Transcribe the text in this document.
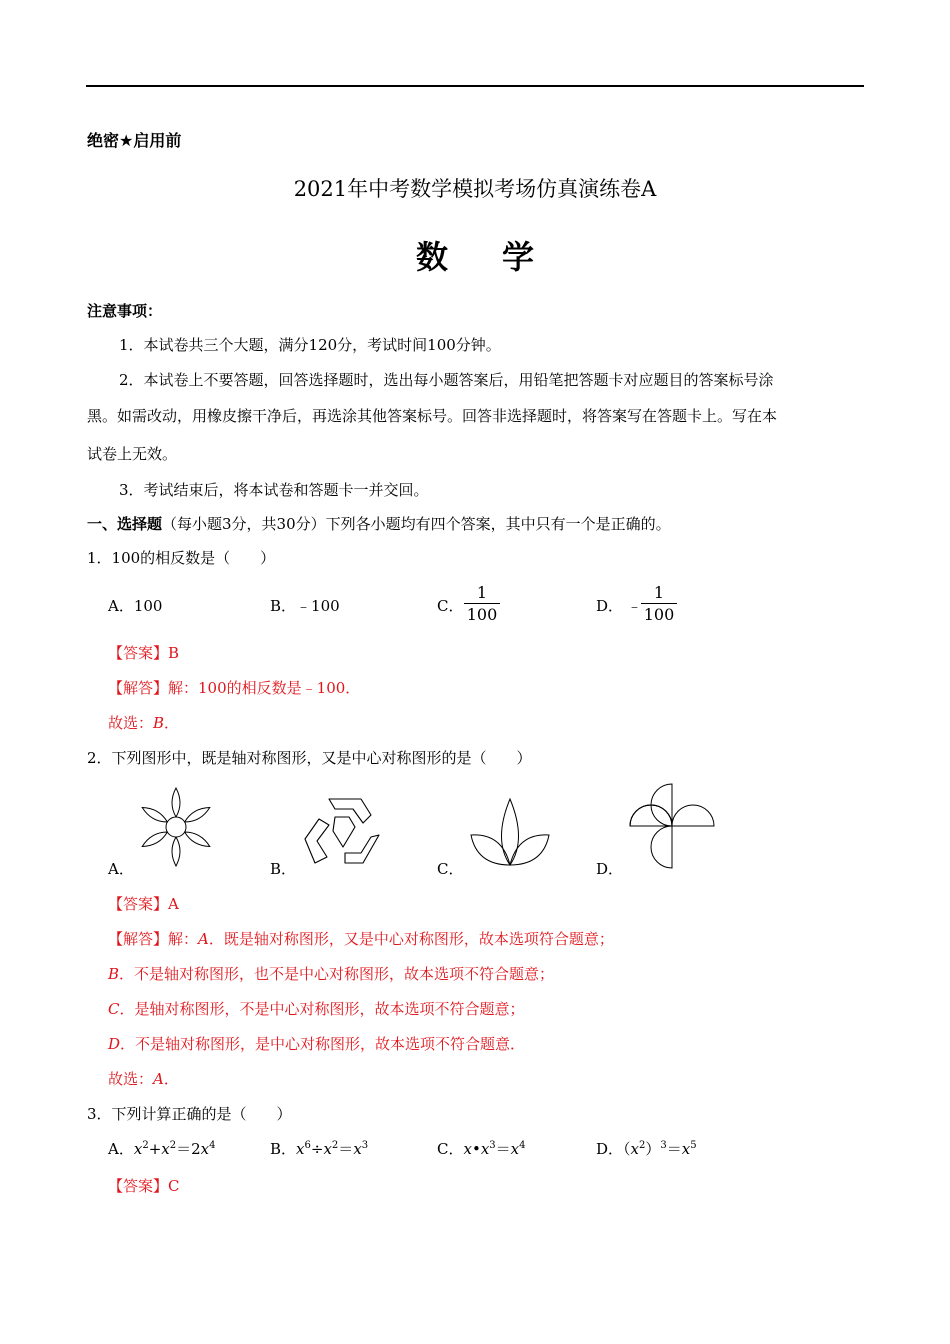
绝密★启用前
2021年中考数学模拟考场仿真演练卷A
数学
注意事项：
1．本试卷共三个大题，满分120分，考试时间100分钟。
2．本试卷上不要答题，回答选择题时，选出每小题答案后，用铅笔把答题卡对应题目的答案标号涂
黑。如需改动，用橡皮擦干净后，再选涂其他答案标号。回答非选择题时，将答案写在答题卡上。写在本
试卷上无效。
3．考试结束后，将本试卷和答题卡一并交回。
一、选择题（每小题3分，共30分）下列各小题均有四个答案，其中只有一个是正确的。
1．100的相反数是（　　）
A．100	B．﹣100	C． $\frac{1}{100}$	D． ﹣
$\frac{1}{100}$
【答案】B
【解答】解：100的相反数是﹣100．
故选：B．
2．下列图形中，既是轴对称图形，又是中心对称图形的是（　　）
A．	B．	C．	D．
【答案】A
【解答】解：A．既是轴对称图形，又是中心对称图形，故本选项符合题意；
B．不是轴对称图形，也不是中心对称图形，故本选项不符合题意；
C．是轴对称图形，不是中心对称图形，故本选项不符合题意；
D．不是轴对称图形，是中心对称图形，故本选项不符合题意．
故选：A．
3．下列计算正确的是（　　）
A．$x^2+x^2=2x^4$	B．$x^6\div x^2=x^3$	C．$x•x^3=x^4$	D．$(x^2)^3=x^5$
【答案】C
